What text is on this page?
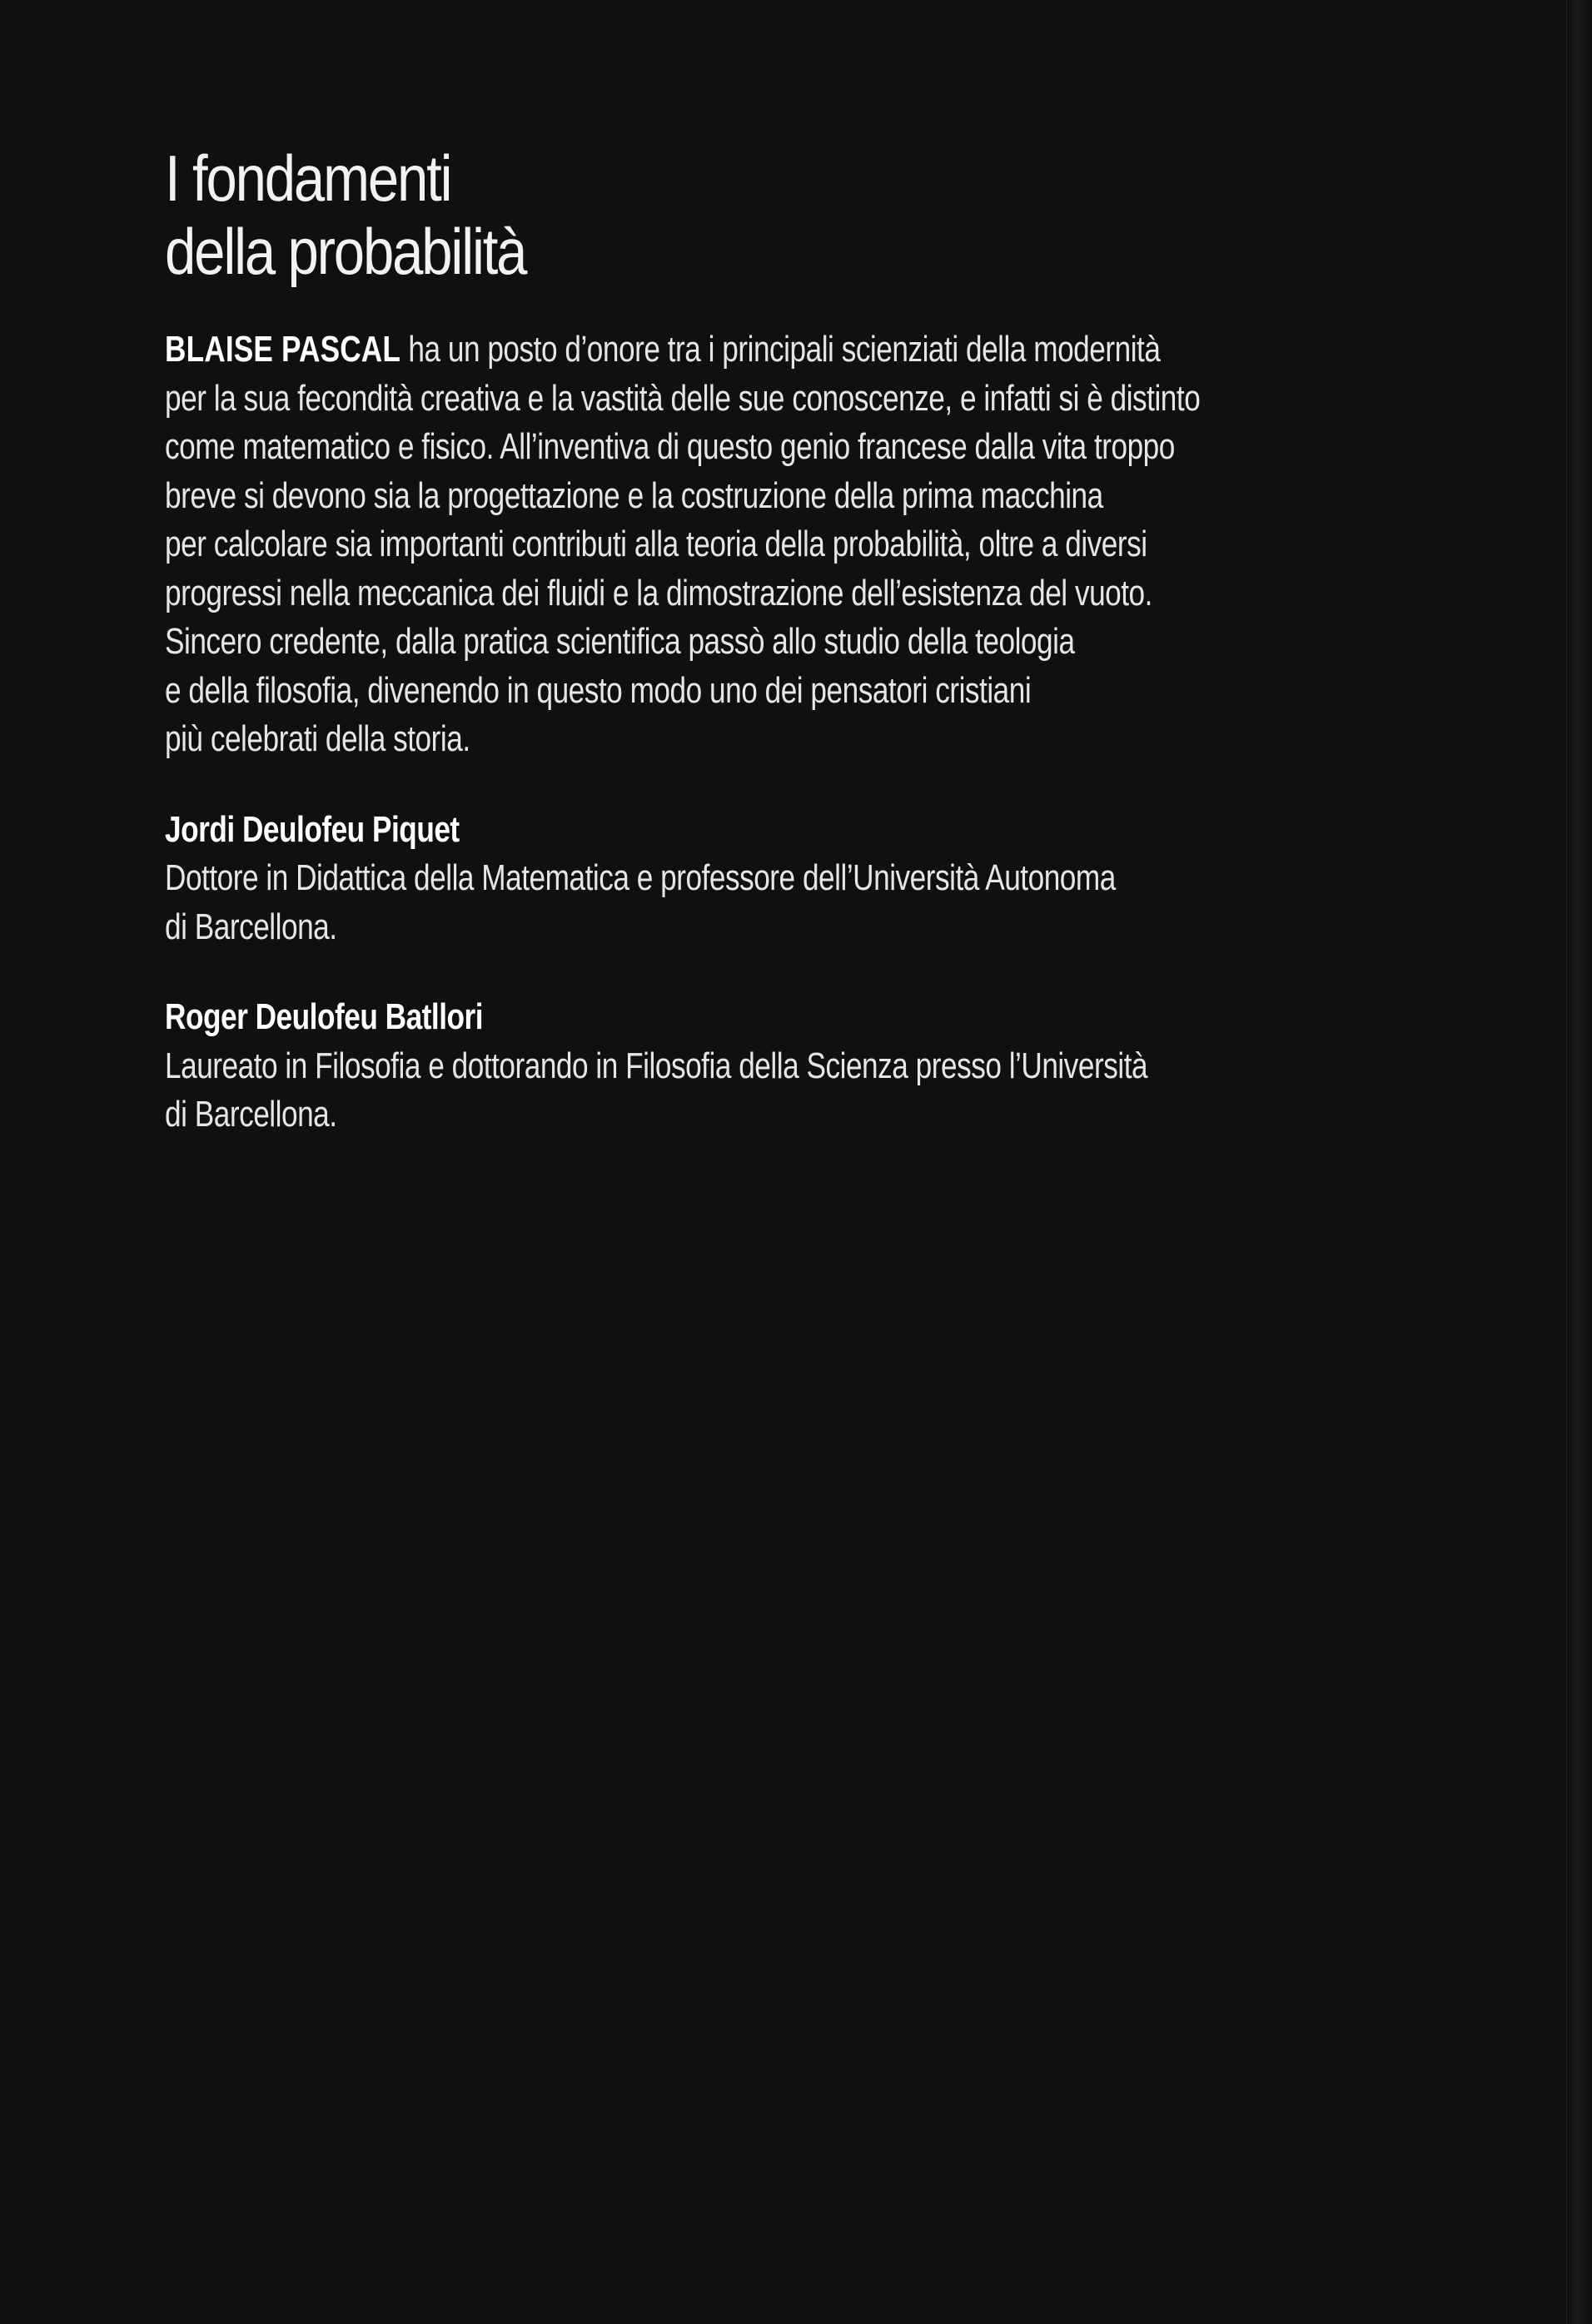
I fondamenti
della probabilità
BLAISE PASCAL ha un posto d’onore tra i principali scienziati della modernità
per la sua fecondità creativa e la vastità delle sue conoscenze, e infatti si è distinto
come matematico e fisico. All’inventiva di questo genio francese dalla vita troppo
breve si devono sia la progettazione e la costruzione della prima macchina
per calcolare sia importanti contributi alla teoria della probabilità, oltre a diversi
progressi nella meccanica dei fluidi e la dimostrazione dell’esistenza del vuoto.
Sincero credente, dalla pratica scientifica passò allo studio della teologia
e della filosofia, divenendo in questo modo uno dei pensatori cristiani
più celebrati della storia.
Jordi Deulofeu Piquet
Dottore in Didattica della Matematica e professore dell’Università Autonoma
di Barcellona.
Roger Deulofeu Batllori
Laureato in Filosofia e dottorando in Filosofia della Scienza presso l’Università
di Barcellona.
